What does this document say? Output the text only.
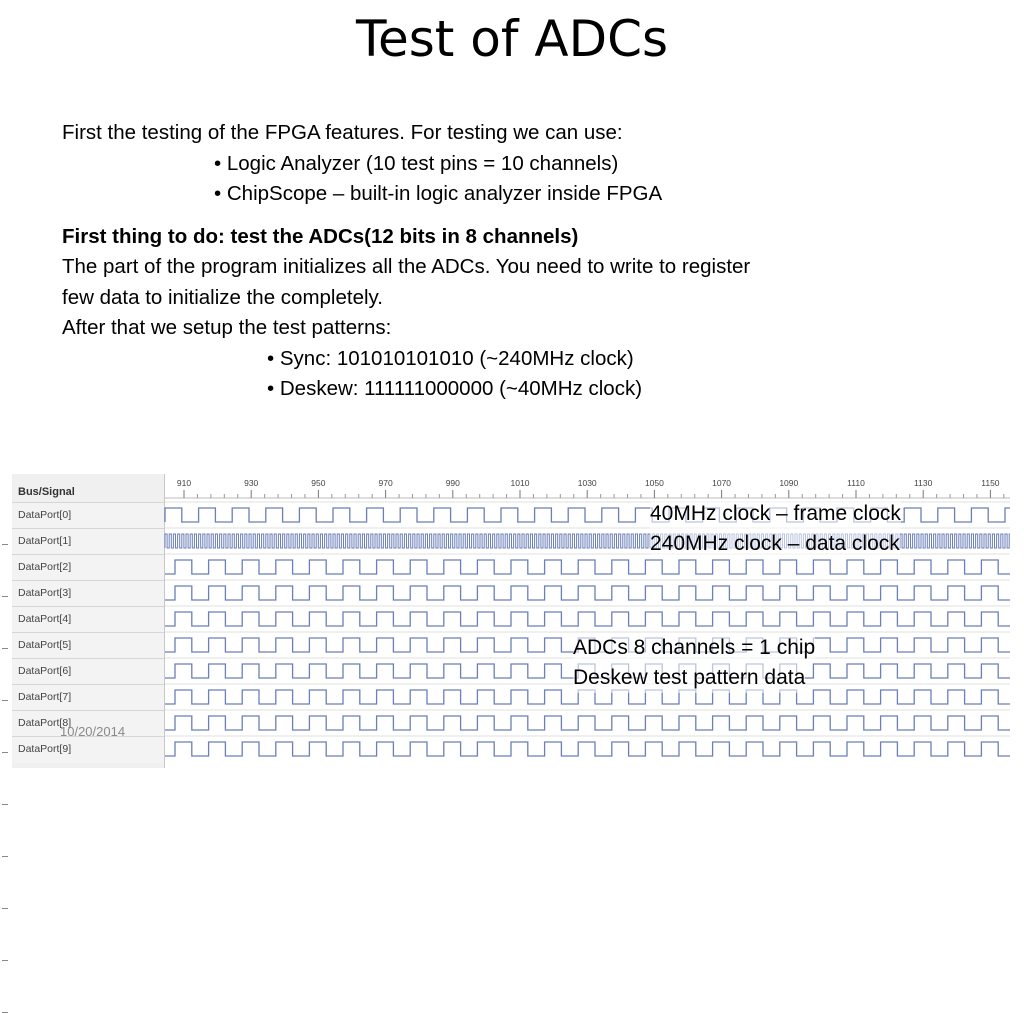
Test of ADCs
First the testing of the FPGA features. For testing we can use:
• Logic Analyzer (10 test pins = 10 channels)
• ChipScope – built-in logic analyzer inside FPGA
First thing to do: test the ADCs(12 bits in 8 channels)
The part of the program initializes all the ADCs. You need to write to register
few data to initialize the completely.
After that we setup the test patterns:
• Sync: 101010101010 (~240MHz clock)
• Deskew: 111111000000 (~40MHz clock)
Bus/Signal
DataPort[0]
DataPort[1]
DataPort[2]
DataPort[3]
DataPort[4]
DataPort[5]
DataPort[6]
DataPort[7]
DataPort[8]
DataPort[9]
910	930	950	970	990	1010	1030	1050	1070	1090	1110	1130	1150
40MHz clock – frame clock
240MHz clock – data clock
ADCs 8 channels = 1 chip
Deskew test pattern data
10/20/2014
